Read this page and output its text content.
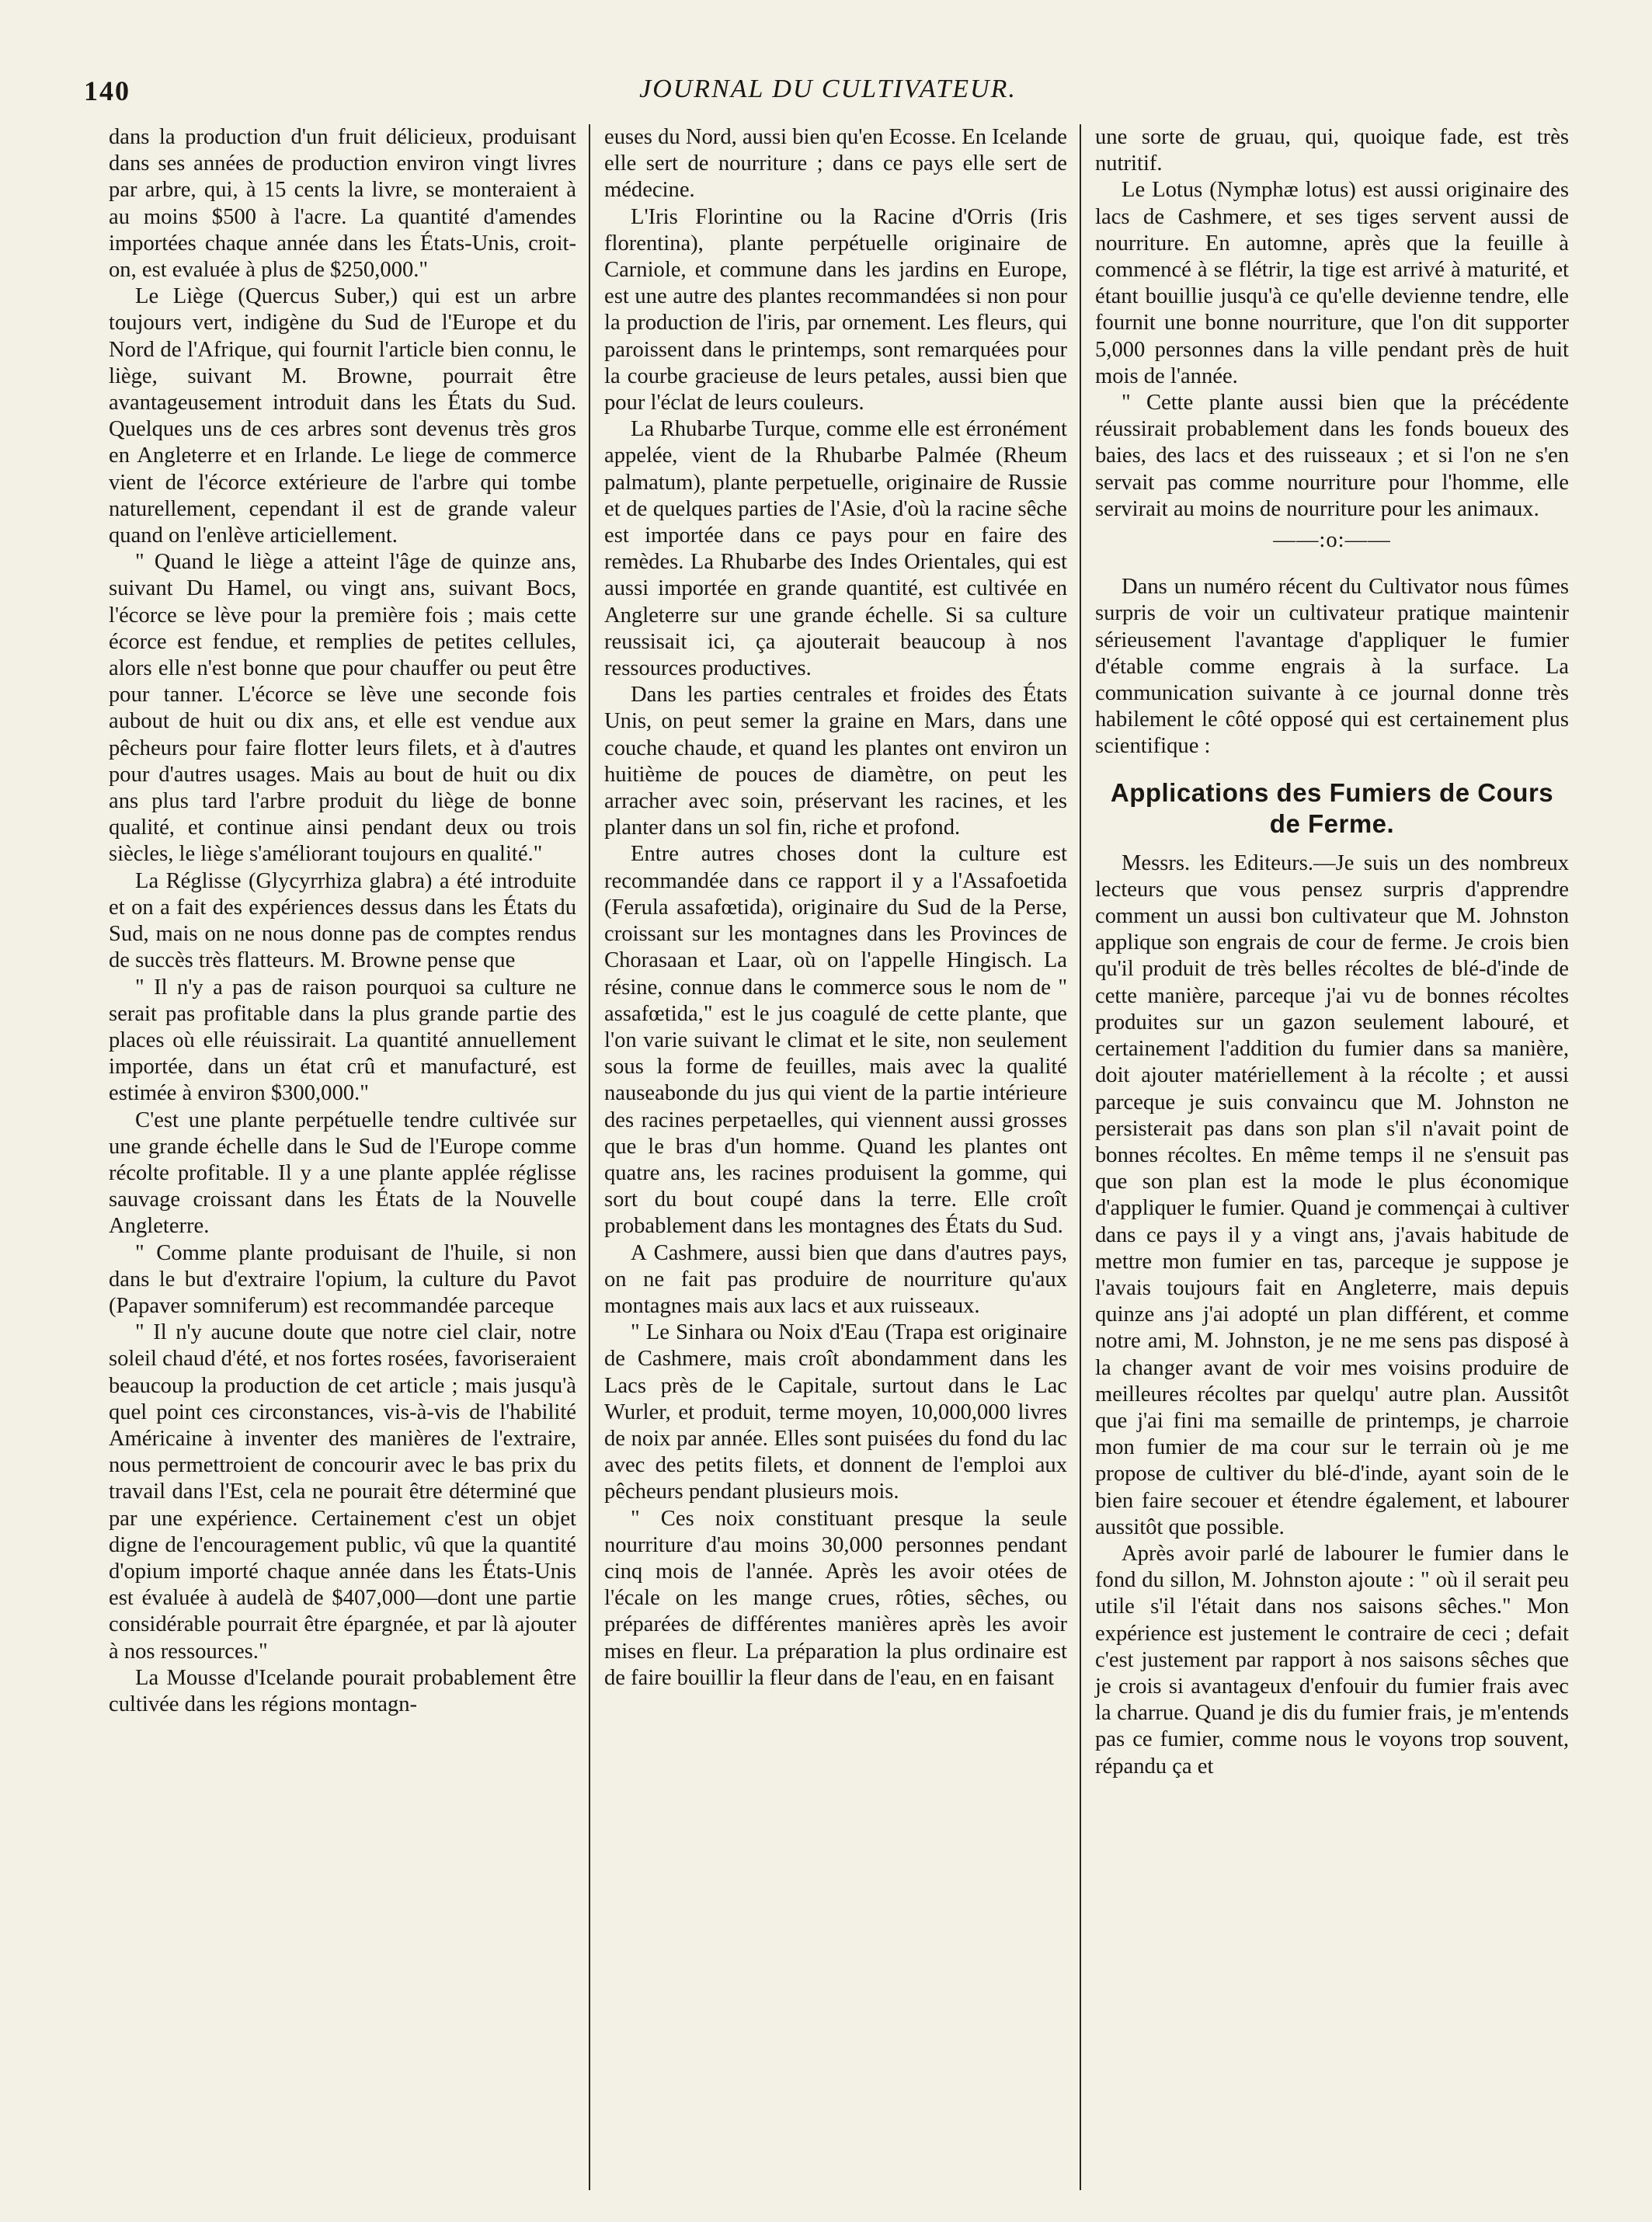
140	JOURNAL DU CULTIVATEUR.

dans la production d'un fruit délicieux, produisant dans ses années de production environ vingt livres par arbre, qui, à 15 cents la livre, se monteraient à au moins $500 à l'acre. La quantité d'amendes importées chaque année dans les États-Unis, croit-on, est evaluée à plus de $250,000."

Le Liège (Quercus Suber,) qui est un arbre toujours vert, indigène du Sud de l'Europe et du Nord de l'Afrique, qui fournit l'article bien connu, le liège, suivant M. Browne, pourrait être avantageusement introduit dans les États du Sud. Quelques uns de ces arbres sont devenus très gros en Angleterre et en Irlande. Le liege de commerce vient de l'écorce extérieure de l'arbre qui tombe naturellement, cependant il est de grande valeur quand on l'enlève articiellement.

" Quand le liège a atteint l'âge de quinze ans, suivant Du Hamel, ou vingt ans, suivant Bocs, l'écorce se lève pour la première fois ; mais cette écorce est fendue, et remplies de petites cellules, alors elle n'est bonne que pour chauffer ou peut être pour tanner. L'écorce se lève une seconde fois aubout de huit ou dix ans, et elle est vendue aux pêcheurs pour faire flotter leurs filets, et à d'autres pour d'autres usages. Mais au bout de huit ou dix ans plus tard l'arbre produit du liège de bonne qualité, et continue ainsi pendant deux ou trois siècles, le liège s'améliorant toujours en qualité."

La Réglisse (Glycyrrhiza glabra) a été introduite et on a fait des expériences dessus dans les États du Sud, mais on ne nous donne pas de comptes rendus de succès très flatteurs. M. Browne pense que

" Il n'y a pas de raison pourquoi sa culture ne serait pas profitable dans la plus grande partie des places où elle réuissirait. La quantité annuellement importée, dans un état crû et manufacturé, est estimée à environ $300,000."

C'est une plante perpétuelle tendre cultivée sur une grande échelle dans le Sud de l'Europe comme récolte profitable. Il y a une plante applée réglisse sauvage croissant dans les États de la Nouvelle Angleterre.

" Comme plante produisant de l'huile, si non dans le but d'extraire l'opium, la culture du Pavot (Papaver somniferum) est recommandée parceque

" Il n'y aucune doute que notre ciel clair, notre soleil chaud d'été, et nos fortes rosées, favoriseraient beaucoup la production de cet article ; mais jusqu'à quel point ces circonstances, vis-à-vis de l'habilité Américaine à inventer des manières de l'extraire, nous permettroient de concourir avec le bas prix du travail dans l'Est, cela ne pourait être déterminé que par une expérience. Certainement c'est un objet digne de l'encouragement public, vû que la quantité d'opium importé chaque année dans les États-Unis est évaluée à audelà de $407,000—dont une partie considérable pourrait être épargnée, et par là ajouter à nos ressources."

La Mousse d'Icelande pourait probablement être cultivée dans les régions montagn-

euses du Nord, aussi bien qu'en Ecosse. En Icelande elle sert de nourriture ; dans ce pays elle sert de médecine.

L'Iris Florintine ou la Racine d'Orris (Iris florentina), plante perpétuelle originaire de Carniole, et commune dans les jardins en Europe, est une autre des plantes recommandées si non pour la production de l'iris, par ornement. Les fleurs, qui paroissent dans le printemps, sont remarquées pour la courbe gracieuse de leurs petales, aussi bien que pour l'éclat de leurs couleurs.

La Rhubarbe Turque, comme elle est érronément appelée, vient de la Rhubarbe Palmée (Rheum palmatum), plante perpetuelle, originaire de Russie et de quelques parties de l'Asie, d'où la racine sêche est importée dans ce pays pour en faire des remèdes. La Rhubarbe des Indes Orientales, qui est aussi importée en grande quantité, est cultivée en Angleterre sur une grande échelle. Si sa culture reussisait ici, ça ajouterait beaucoup à nos ressources productives.

Dans les parties centrales et froides des États Unis, on peut semer la graine en Mars, dans une couche chaude, et quand les plantes ont environ un huitième de pouces de diamètre, on peut les arracher avec soin, préservant les racines, et les planter dans un sol fin, riche et profond.

Entre autres choses dont la culture est recommandée dans ce rapport il y a l'Assafoetida (Ferula assafœtida), originaire du Sud de la Perse, croissant sur les montagnes dans les Provinces de Chorasaan et Laar, où on l'appelle Hingisch. La résine, connue dans le commerce sous le nom de " assafœtida," est le jus coagulé de cette plante, que l'on varie suivant le climat et le site, non seulement sous la forme de feuilles, mais avec la qualité nauseabonde du jus qui vient de la partie intérieure des racines perpetaelles, qui viennent aussi grosses que le bras d'un homme. Quand les plantes ont quatre ans, les racines produisent la gomme, qui sort du bout coupé dans la terre. Elle croît probablement dans les montagnes des États du Sud.

A Cashmere, aussi bien que dans d'autres pays, on ne fait pas produire de nourriture qu'aux montagnes mais aux lacs et aux ruisseaux.

" Le Sinhara ou Noix d'Eau (Trapa est originaire de Cashmere, mais croît abondamment dans les Lacs près de le Capitale, surtout dans le Lac Wurler, et produit, terme moyen, 10,000,000 livres de noix par année. Elles sont puisées du fond du lac avec des petits filets, et donnent de l'emploi aux pêcheurs pendant plusieurs mois.

" Ces noix constituant presque la seule nourriture d'au moins 30,000 personnes pendant cinq mois de l'année. Après les avoir otées de l'écale on les mange crues, rôties, sêches, ou préparées de différentes manières après les avoir mises en fleur. La préparation la plus ordinaire est de faire bouillir la fleur dans de l'eau, en en faisant

une sorte de gruau, qui, quoique fade, est très nutritif.

Le Lotus (Nymphæ lotus) est aussi originaire des lacs de Cashmere, et ses tiges servent aussi de nourriture. En automne, après que la feuille à commencé à se flétrir, la tige est arrivé à maturité, et étant bouillie jusqu'à ce qu'elle devienne tendre, elle fournit une bonne nourriture, que l'on dit supporter 5,000 personnes dans la ville pendant près de huit mois de l'année.

" Cette plante aussi bien que la précédente réussirait probablement dans les fonds boueux des baies, des lacs et des ruisseaux ; et si l'on ne s'en servait pas comme nourriture pour l'homme, elle servirait au moins de nourriture pour les animaux.

——:o:——

Dans un numéro récent du Cultivator nous fûmes surpris de voir un cultivateur pratique maintenir sérieusement l'avantage d'appliquer le fumier d'étable comme engrais à la surface. La communication suivante à ce journal donne très habilement le côté opposé qui est certainement plus scientifique :

Applications des Fumiers de Cours de Ferme.

Messrs. les Editeurs.—Je suis un des nombreux lecteurs que vous pensez surpris d'apprendre comment un aussi bon cultivateur que M. Johnston applique son engrais de cour de ferme. Je crois bien qu'il produit de très belles récoltes de blé-d'inde de cette manière, parceque j'ai vu de bonnes récoltes produites sur un gazon seulement labouré, et certainement l'addition du fumier dans sa manière, doit ajouter matériellement à la récolte ; et aussi parceque je suis convaincu que M. Johnston ne persisterait pas dans son plan s'il n'avait point de bonnes récoltes. En même temps il ne s'ensuit pas que son plan est la mode le plus économique d'appliquer le fumier. Quand je commençai à cultiver dans ce pays il y a vingt ans, j'avais habitude de mettre mon fumier en tas, parceque je suppose je l'avais toujours fait en Angleterre, mais depuis quinze ans j'ai adopté un plan différent, et comme notre ami, M. Johnston, je ne me sens pas disposé à la changer avant de voir mes voisins produire de meilleures récoltes par quelqu' autre plan. Aussitôt que j'ai fini ma semaille de printemps, je charroie mon fumier de ma cour sur le terrain où je me propose de cultiver du blé-d'inde, ayant soin de le bien faire secouer et étendre également, et labourer aussitôt que possible.

Après avoir parlé de labourer le fumier dans le fond du sillon, M. Johnston ajoute : " où il serait peu utile s'il l'était dans nos saisons sêches." Mon expérience est justement le contraire de ceci ; defait c'est justement par rapport à nos saisons sêches que je crois si avantageux d'enfouir du fumier frais avec la charrue. Quand je dis du fumier frais, je m'entends pas ce fumier, comme nous le voyons trop souvent, répandu ça et
